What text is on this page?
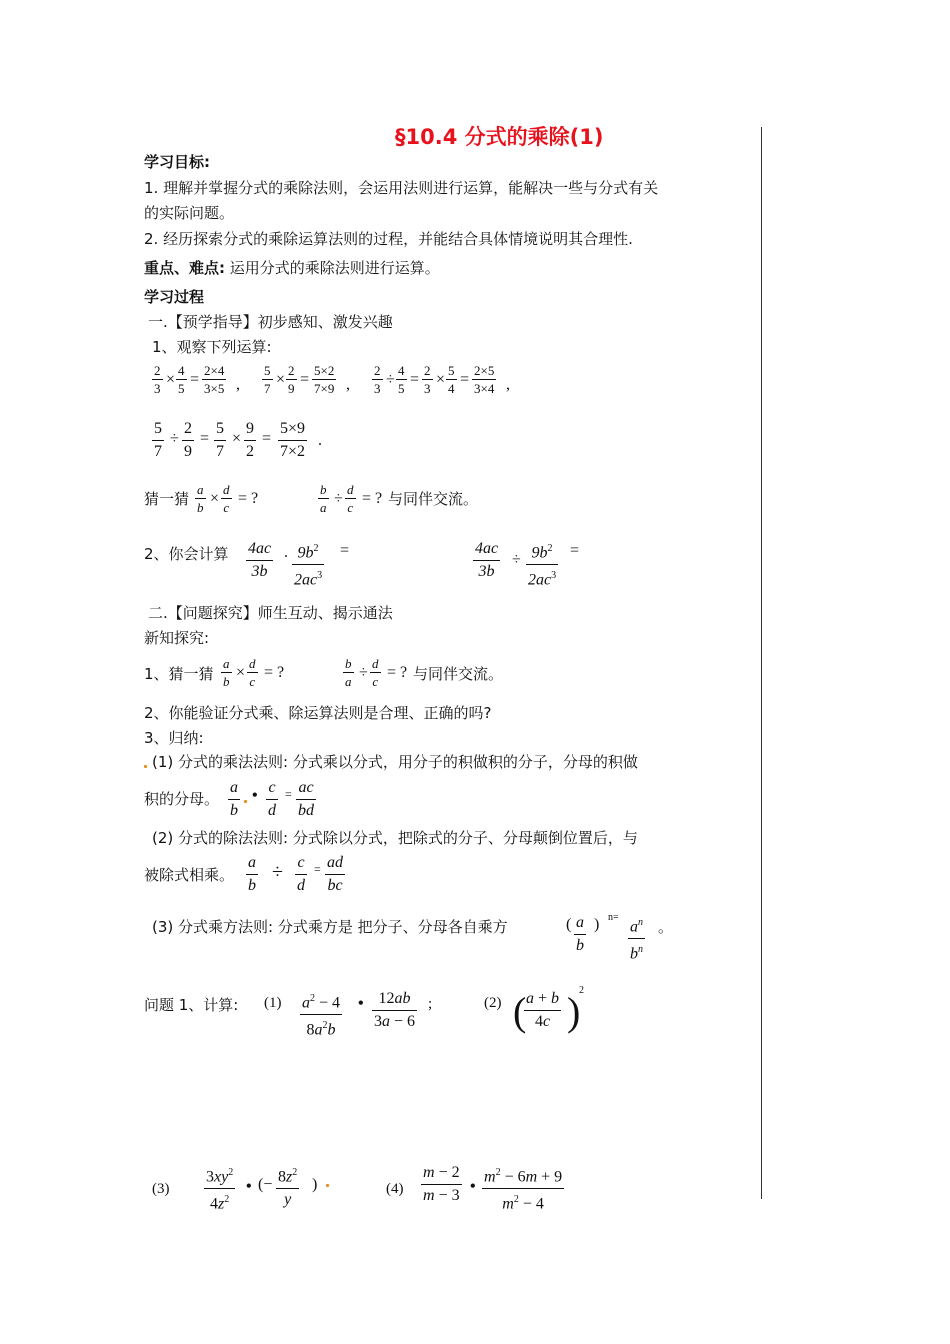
§10.4 分式的乘除(1)
学习目标:
1. 理解并掌握分式的乘除法则，会运用法则进行运算，能解决一些与分式有关
的实际问题。
2. 经历探索分式的乘除运算法则的过程，并能结合具体情境说明其合理性.
重点、难点: 运用分式的乘除法则进行运算。
学习过程
一.【预学指导】初步感知、激发兴趣
1、观察下列运算:
$\frac{2}{3} \times \frac{4}{5} = \frac{2\times 4}{3\times 5}$ , $\frac{5}{7} \times \frac{2}{9} = \frac{5\times 2}{7\times 9}$ , $\frac{2}{3} \div \frac{4}{5} = \frac{2}{3} \times \frac{5}{4} = \frac{2\times 5}{3\times 4}$ ,
$\frac{5}{7} \div \frac{2}{9} = \frac{5}{7} \times \frac{9}{2} = \frac{5\times 9}{7\times 2}$ .
猜一猜 $\frac{a}{b} \times \frac{d}{c}$ = ?	$\frac{b}{a} \div \frac{d}{c}$ = ? 与同伴交流。
2、你会计算 $\frac{4ac}{3b}$ . $\frac{9b^2}{2ac^3}$ =	$\frac{4ac}{3b} \div \frac{9b^2}{2ac^3}$ =
二.【问题探究】师生互动、揭示通法
新知探究:
1、猜一猜 $\frac{a}{b} \times \frac{d}{c}$ = ?	$\frac{b}{a} \div \frac{d}{c}$ = ? 与同伴交流。
2、你能验证分式乘、除运算法则是合理、正确的吗?
3、归纳:
(1) 分式的乘法法则: 分式乘以分式，用分子的积做积的分子，分母的积做
积的分母。 $\frac{a}{b}$ • $\frac{c}{d} = \frac{ac}{bd}$
(2) 分式的除法法则: 分式除以分式，把除式的分子、分母颠倒位置后，与
被除式相乘。 $\frac{a}{b} \div \frac{c}{d} = \frac{ad}{bc}$
(3) 分式乘方法则: 分式乘方是 把分子、分母各自乘方	( $\frac{a}{b}$ ) $n= \frac{a^n}{b^n}$ 。
问题 1、计算: $(1) \frac{a^2 - 4}{8a^2b}$ • $\frac{12ab}{3a - 6}$ ;	(2) (
$\frac{a + b}{4c}$ )
2
$(3) \frac{3xy^2}{4z^2}$ • (− $\frac{8z^2}{y}$ )	$(4) \frac{m - 2}{m - 3}$ • $\frac{m^2 - 6m + 9}{m^2 - 4}$
